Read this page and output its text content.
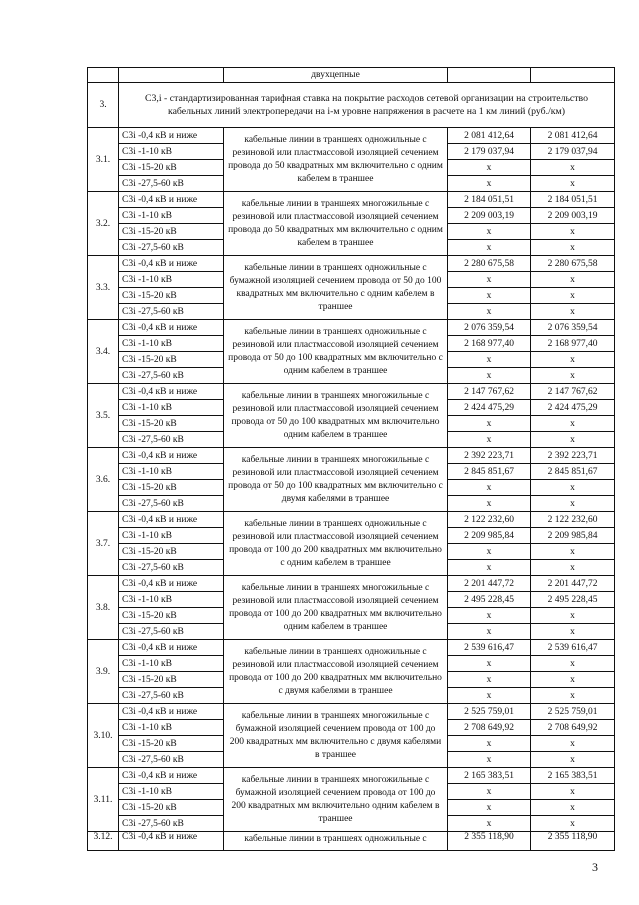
		двухцепные		
3.	C3,i - стандартизированная тарифная ставка на покрытие расходов сетевой организации на строительство кабельных линий электропередачи на i-м уровне напряжения в расчете на 1 км линий (руб./км)			
3.1.	C3i -0,4 кВ и ниже	кабельные линии в траншеях одножильные с резиновой или пластмассовой изоляцией сечением провода до 50 квадратных мм включительно с одним кабелем в траншее	2 081 412,64	2 081 412,64
	C3i -1-10 кВ		2 179 037,94	2 179 037,94
	C3i -15-20 кВ		x	x
	C3i -27,5-60 кВ		x	x
3.2.	C3i -0,4 кВ и ниже	кабельные линии в траншеях многожильные с резиновой или пластмассовой изоляцией сечением провода до 50 квадратных мм включительно с одним кабелем в траншее	2 184 051,51	2 184 051,51
	C3i -1-10 кВ		2 209 003,19	2 209 003,19
	C3i -15-20 кВ		x	x
	C3i -27,5-60 кВ		x	x
3.3.	C3i -0,4 кВ и ниже	кабельные линии в траншеях одножильные с бумажной изоляцией сечением провода от 50 до 100 квадратных мм включительно с одним кабелем в траншее	2 280 675,58	2 280 675,58
	C3i -1-10 кВ		x	x
	C3i -15-20 кВ		x	x
	C3i -27,5-60 кВ		x	x
3.4.	C3i -0,4 кВ и ниже	кабельные линии в траншеях одножильные с резиновой или пластмассовой изоляцией сечением провода от 50 до 100 квадратных мм включительно с одним кабелем в траншее	2 076 359,54	2 076 359,54
	C3i -1-10 кВ		2 168 977,40	2 168 977,40
	C3i -15-20 кВ		x	x
	C3i -27,5-60 кВ		x	x
3.5.	C3i -0,4 кВ и ниже	кабельные линии в траншеях многожильные с резиновой или пластмассовой изоляцией сечением провода от 50 до 100 квадратных мм включительно одним кабелем в траншее	2 147 767,62	2 147 767,62
	C3i -1-10 кВ		2 424 475,29	2 424 475,29
	C3i -15-20 кВ		x	x
	C3i -27,5-60 кВ		x	x
3.6.	C3i -0,4 кВ и ниже	кабельные линии в траншеях многожильные с резиновой или пластмассовой изоляцией сечением провода от 50 до 100 квадратных мм включительно с двумя кабелями в траншее	2 392 223,71	2 392 223,71
	C3i -1-10 кВ		2 845 851,67	2 845 851,67
	C3i -15-20 кВ		x	x
	C3i -27,5-60 кВ		x	x
3.7.	C3i -0,4 кВ и ниже	кабельные линии в траншеях одножильные с резиновой или пластмассовой изоляцией сечением провода от 100 до 200 квадратных мм включительно с одним кабелем в траншее	2 122 232,60	2 122 232,60
	C3i -1-10 кВ		2 209 985,84	2 209 985,84
	C3i -15-20 кВ		x	x
	C3i -27,5-60 кВ		x	x
3.8.	C3i -0,4 кВ и ниже	кабельные линии в траншеях многожильные с резиновой или пластмассовой изоляцией сечением провода от 100 до 200 квадратных мм включительно одним кабелем в траншее	2 201 447,72	2 201 447,72
	C3i -1-10 кВ		2 495 228,45	2 495 228,45
	C3i -15-20 кВ		x	x
	C3i -27,5-60 кВ		x	x
3.9.	C3i -0,4 кВ и ниже	кабельные линии в траншеях одножильные с резиновой или пластмассовой изоляцией сечением провода от 100 до 200 квадратных мм включительно с двумя кабелями в траншее	2 539 616,47	2 539 616,47
	C3i -1-10 кВ		x	x
	C3i -15-20 кВ		x	x
	C3i -27,5-60 кВ		x	x
3.10.	C3i -0,4 кВ и ниже	кабельные линии в траншеях многожильные с бумажной изоляцией сечением провода от 100 до 200 квадратных мм включительно с двумя кабелями в траншее	2 525 759,01	2 525 759,01
	C3i -1-10 кВ		2 708 649,92	2 708 649,92
	C3i -15-20 кВ		x	x
	C3i -27,5-60 кВ		x	x
3.11.	C3i -0,4 кВ и ниже	кабельные линии в траншеях многожильные с бумажной изоляцией сечением провода от 100 до 200 квадратных мм включительно одним кабелем в траншее	2 165 383,51	2 165 383,51
	C3i -1-10 кВ		x	x
	C3i -15-20 кВ		x	x
	C3i -27,5-60 кВ		x	x
3.12.	C3i -0,4 кВ и ниже	кабельные линии в траншеях одножильные с	2 355 118,90	2 355 118,90
3
